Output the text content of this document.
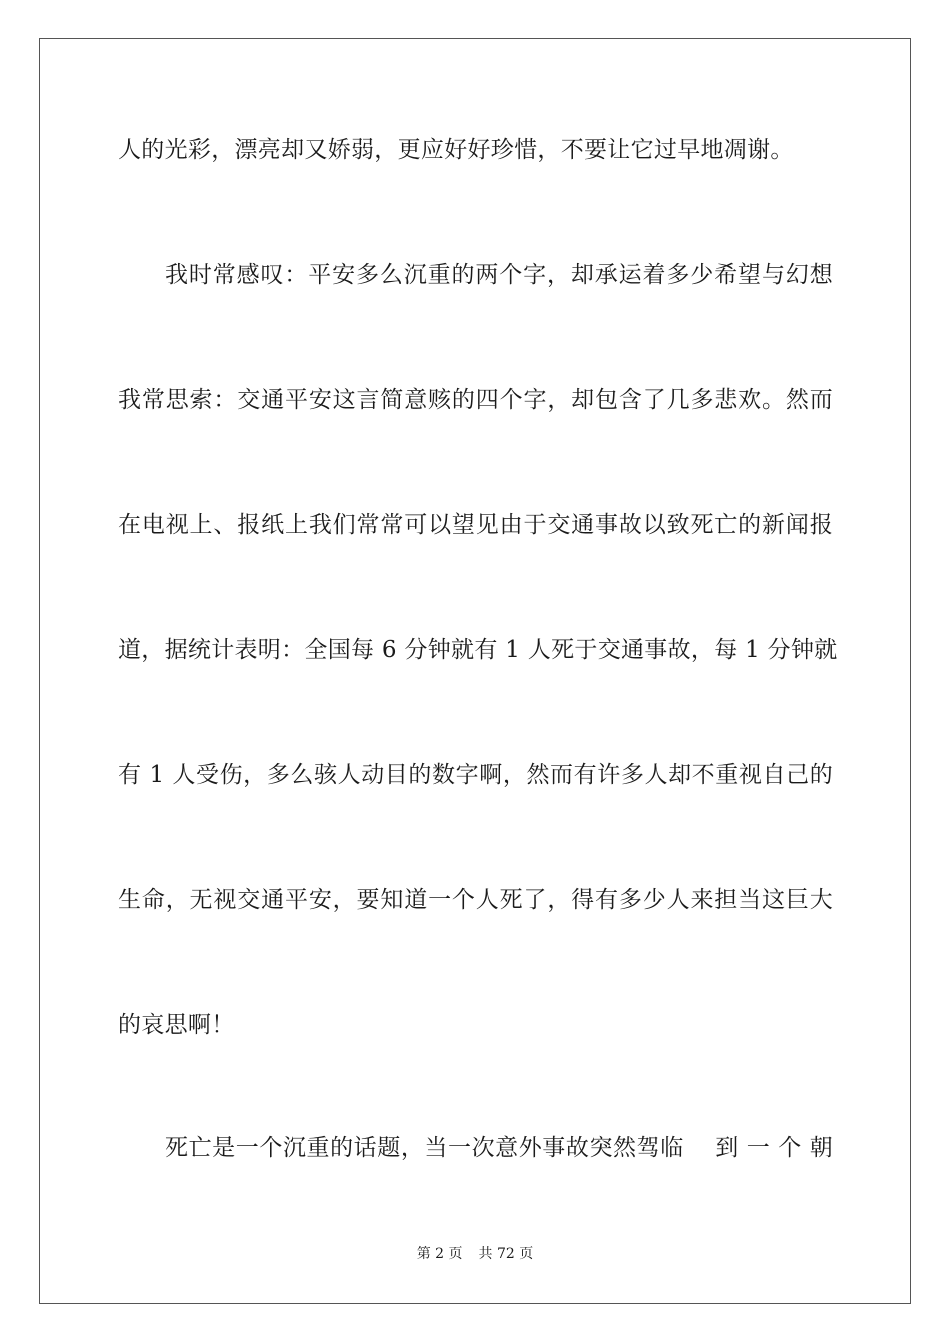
人的光彩，漂亮却又娇弱，更应好好珍惜，不要让它过早地凋谢。
我时常感叹：平安多么沉重的两个字，却承运着多少希望与幻想
我常思索：交通平安这言简意赅的四个字，却包含了几多悲欢。然而
在电视上、报纸上我们常常可以望见由于交通事故以致死亡的新闻报
道，据统计表明：全国每 6 分钟就有 1 人死于交通事故，每 1 分钟就
有 1 人受伤，多么骇人动目的数字啊，然而有许多人却不重视自己的
生命，无视交通平安，要知道一个人死了，得有多少人来担当这巨大
的哀思啊！
死亡是一个沉重的话题，当一次意外事故突然驾临　 到 一 个 朝
第 2 页 共 72 页
